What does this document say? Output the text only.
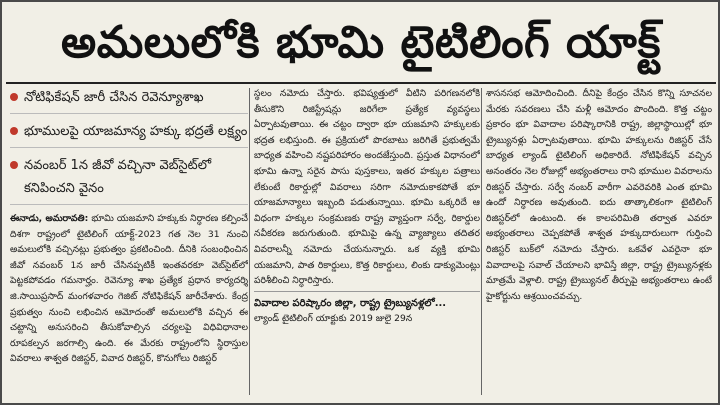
అమలులోకి భూమి టైటిలింగ్ యాక్ట్
నోటిఫికేషన్ జారీ చేసిన రెవెన్యూశాఖ
భూములపై యాజమాన్య హక్కు భద్రతే లక్ష్యం
నవంబర్ 1న జీవో వచ్చినా వెబ్‌సైట్‌లో కనిపించని వైనం
ఈనాడు, అమరావతి: భూమి యజమాని హక్కుకు నిర్ధారణ కల్పించే దిశగా రాష్ట్రంలో టైటిలింగ్ యాక్ట్-2023 గత నెల 31 నుంచి అమలులోకి వచ్చినట్లు ప్రభుత్వం ప్రకటించింది. దీనికి సంబంధించిన జీవో నవంబర్ 1న జారీ చేసినప్పటికీ ఇంతవరకూ వెబ్‌సైట్‌లో పెట్టకపోవడం గమనార్హం. రెవెన్యూ శాఖ ప్రత్యేక ప్రధాన కార్యదర్శి జి.సాయిప్రసాద్ మంగళవారం గెజిట్ నోటిఫికేషన్ జారీచేశారు. కేంద్ర ప్రభుత్వం నుంచి లభించిన ఆమోదంతో అమలులోకి వచ్చిన ఈ చట్టాన్ని అనుసరించి తీసుకోవాల్సిన చర్యలపై విధివిధానాల రూపకల్పన జరగాల్సి ఉంది. ఈ మేరకు రాష్ట్రంలోని స్థిరాస్తుల వివరాలు శాశ్వత రిజిస్టర్, వివాద రిజిస్టర్, కొనుగోలు రిజిస్టర్
స్థలం నమోదు చేస్తారు. భవిష్యత్తులో వీటిని పరిగణనలోకి తీసుకొని రిజిస్ట్రేషన్లు జరిగేలా ప్రత్యేక వ్యవస్థలు ఏర్పాటవుతాయి. ఈ చట్టం ద్వారా భూ యజమాని హక్కులకు భద్రత లభిస్తుంది. ఈ ప్రక్రియలో పొరబాటు జరిగితే ప్రభుత్వమే బాధ్యత వహించి నష్టపరిహారం అందజేస్తుంది. ప్రస్తుత విధానంలో భూమి ఉన్నా సరైన పాసు పుస్తకాలు, ఇతర హక్కుల పత్రాలు లేకుంటే రికార్డుల్లో వివరాలు సరిగా నమోదుకాకపోతే భూ యాజమాన్యాలు ఇబ్బంది పడుతున్నాయి. భూమి ఒక్కరిదే ఆ విధంగా హక్కుల సంక్రమణకు రాష్ట్ర వ్యాప్తంగా సర్వే, రికార్డుల నవీకరణ జరుగుతుంది. భూమిపై ఉన్న వ్యాజ్యాలు తదితర వివరాలన్నీ నమోదు చేయనున్నారు. ఒక వ్యక్తి భూమి యజమాని, పాత రికార్డులు, కొత్త రికార్డులు, లింకు డాక్యుమెంట్లు పరిశీలించి నిర్ధారిస్తారు.
వివాదాల పరిష్కారం జిల్లా, రాష్ట్ర ట్రైబ్యునళ్లలో...
ల్యాండ్ టైటిలింగ్ యాక్టుకు 2019 జులై 29న
శాసనసభ ఆమోదించింది. దీనిపై కేంద్రం చేసిన కొన్ని సూచనల మేరకు సవరణలు చేసి మళ్లీ ఆమోదం పొందింది. కొత్త చట్టం ప్రకారం భూ వివాదాల పరిష్కారానికి రాష్ట్ర, జిల్లాస్థాయిల్లో భూ ట్రైబ్యునళ్లు ఏర్పాటవుతాయి. భూమి హక్కులను రిజిస్టర్ చేసే బాధ్యత ల్యాండ్ టైటిలింగ్ అధికారిదే. నోటిఫికేషన్ వచ్చిన అనంతరం నెల రోజుల్లో అభ్యంతరాలు రాని భూముల వివరాలను రిజిస్టర్ చేస్తారు. సర్వే నంబర్ వారీగా ఎవరెవరికి ఎంత భూమి ఉందో నిర్ధారణ అవుతుంది. ఐదు తాత్కాలికంగా టైటిలింగ్ రిజిస్టర్‌లో ఉంటుంది. ఈ కాలపరిమితి తర్వాత ఎవరూ అభ్యంతరాలు చెప్పకపోతే శాశ్వత హక్కుదారులుగా గుర్తించి రిజిస్టర్ బుక్‌లో నమోదు చేస్తారు. ఒకవేళ ఎవరైనా భూ వివాదాలపై సవాల్ చేయాలని భావిస్తే జిల్లా, రాష్ట్ర ట్రైబ్యునళ్లకు మాత్రమే వెళ్లాలి. రాష్ట్ర ట్రైబ్యునల్ తీర్పుపై అభ్యంతరాలు ఉంటే హైకోర్టును ఆశ్రయించవచ్చు.
